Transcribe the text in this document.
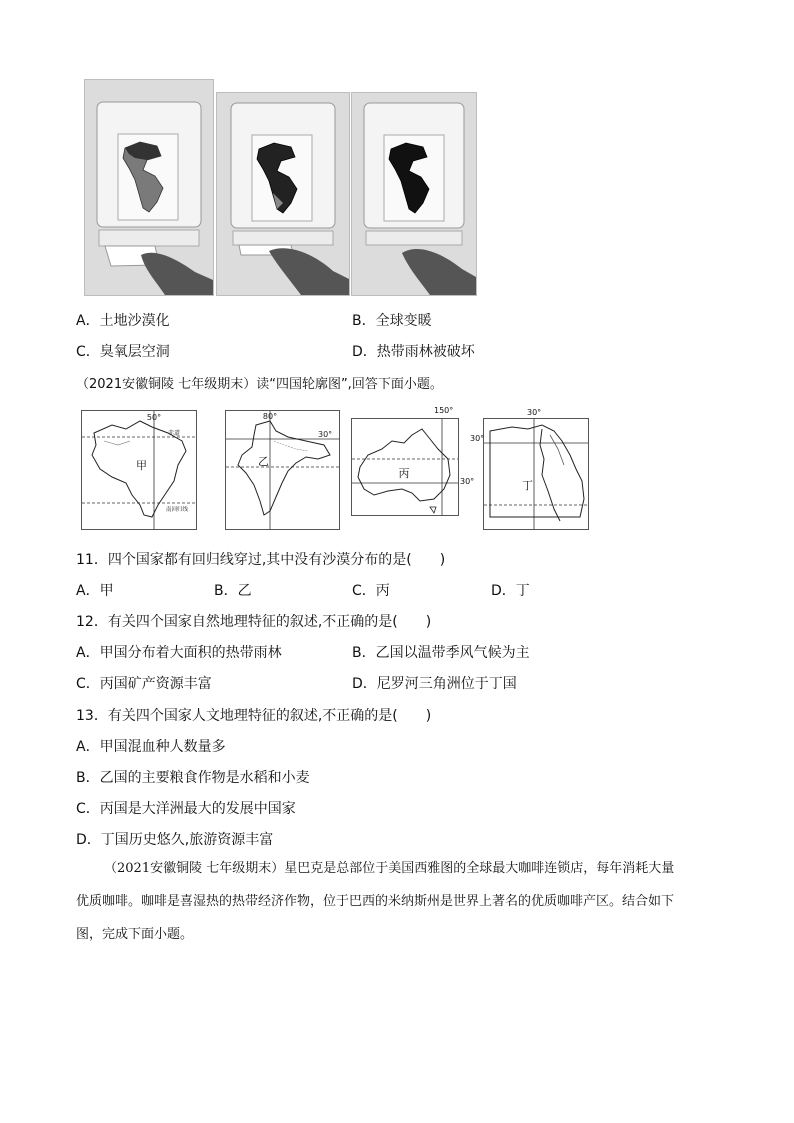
A．土地沙漠化	B．全球变暖
C．臭氧层空洞	D．热带雨林被破坏
（2021安徽铜陵 七年级期末）读“四国轮廓图”,回答下面小题。
50°
赤道
南回归线
甲
80°
30°
乙
丙
150°
30°	丁
30°
30°
11．四个国家都有回归线穿过,其中没有沙漠分布的是(　　)
A．甲	B．乙	C．丙	D．丁
12．有关四个国家自然地理特征的叙述,不正确的是(　　)
A．甲国分布着大面积的热带雨林	B．乙国以温带季风气候为主
C．丙国矿产资源丰富	D．尼罗河三角洲位于丁国
13．有关四个国家人文地理特征的叙述,不正确的是(　　)
A．甲国混血种人数量多
B．乙国的主要粮食作物是水稻和小麦
C．丙国是大洋洲最大的发展中国家
D．丁国历史悠久,旅游资源丰富
（2021安徽铜陵 七年级期末）星巴克是总部位于美国西雅图的全球最大咖啡连锁店，每年消耗大量
优质咖啡。咖啡是喜湿热的热带经济作物，位于巴西的米纳斯州是世界上著名的优质咖啡产区。结合如下
图，完成下面小题。
